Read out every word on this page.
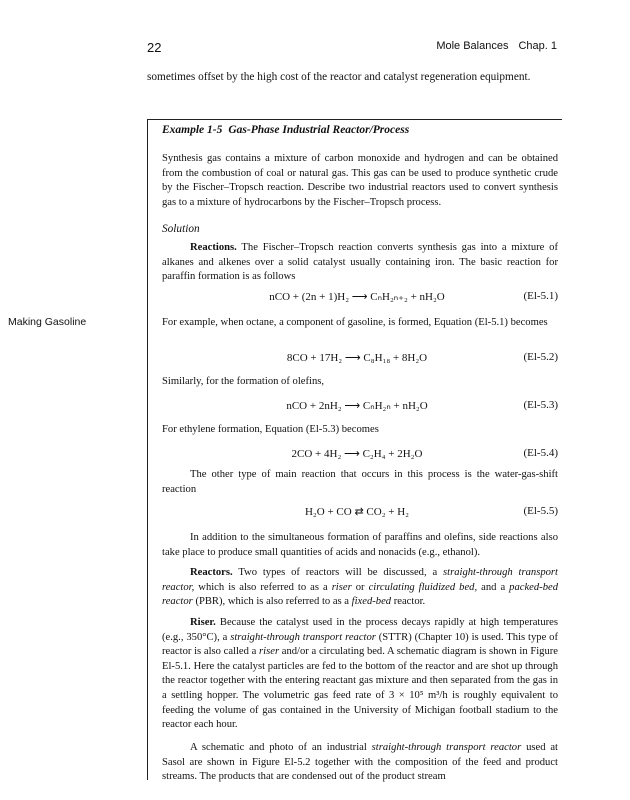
22	Mole Balances Chap. 1

sometimes offset by the high cost of the reactor and catalyst regeneration equipment.

Example 1-5 Gas-Phase Industrial Reactor/Process

Synthesis gas contains a mixture of carbon monoxide and hydrogen and can be obtained from the combustion of coal or natural gas. This gas can be used to produce synthetic crude by the Fischer–Tropsch reaction. Describe two industrial reactors used to convert synthesis gas to a mixture of hydrocarbons by the Fischer–Tropsch process.

Solution

Reactions. The Fischer–Tropsch reaction converts synthesis gas into a mixture of alkanes and alkenes over a solid catalyst usually containing iron. The basic reaction for paraffin formation is as follows

nCO + (2n + 1)H₂ ⟶ CₙH₂ₙ₊₂ + nH₂O	(El-5.1)
Making Gasoline	For example, when octane, a component of gasoline, is formed, Equation (El-5.1) becomes

8CO + 17H₂ ⟶ C₈H₁₈ + 8H₂O	(El-5.2)

Similarly, for the formation of olefins,

nCO + 2nH₂ ⟶ CₙH₂ₙ + nH₂O	(El-5.3)

For ethylene formation, Equation (El-5.3) becomes

2CO + 4H₂ ⟶ C₂H₄ + 2H₂O	(El-5.4)

The other type of main reaction that occurs in this process is the water-gas-shift reaction

H₂O + CO ⇄ CO₂ + H₂	(El-5.5)

In addition to the simultaneous formation of paraffins and olefins, side reactions also take place to produce small quantities of acids and nonacids (e.g., ethanol).

Reactors. Two types of reactors will be discussed, a straight-through transport reactor, which is also referred to as a riser or circulating fluidized bed, and a packed-bed reactor (PBR), which is also referred to as a fixed-bed reactor.

Riser. Because the catalyst used in the process decays rapidly at high temperatures (e.g., 350°C), a straight-through transport reactor (STTR) (Chapter 10) is used. This type of reactor is also called a riser and/or a circulating bed. A schematic diagram is shown in Figure El-5.1. Here the catalyst particles are fed to the bottom of the reactor and are shot up through the reactor together with the entering reactant gas mixture and then separated from the gas in a settling hopper. The volumetric gas feed rate of 3 × 10⁵ m³/h is roughly equivalent to feeding the volume of gas contained in the University of Michigan football stadium to the reactor each hour.

A schematic and photo of an industrial straight-through transport reactor used at Sasol are shown in Figure El-5.2 together with the composition of the feed and product streams. The products that are condensed out of the product stream
